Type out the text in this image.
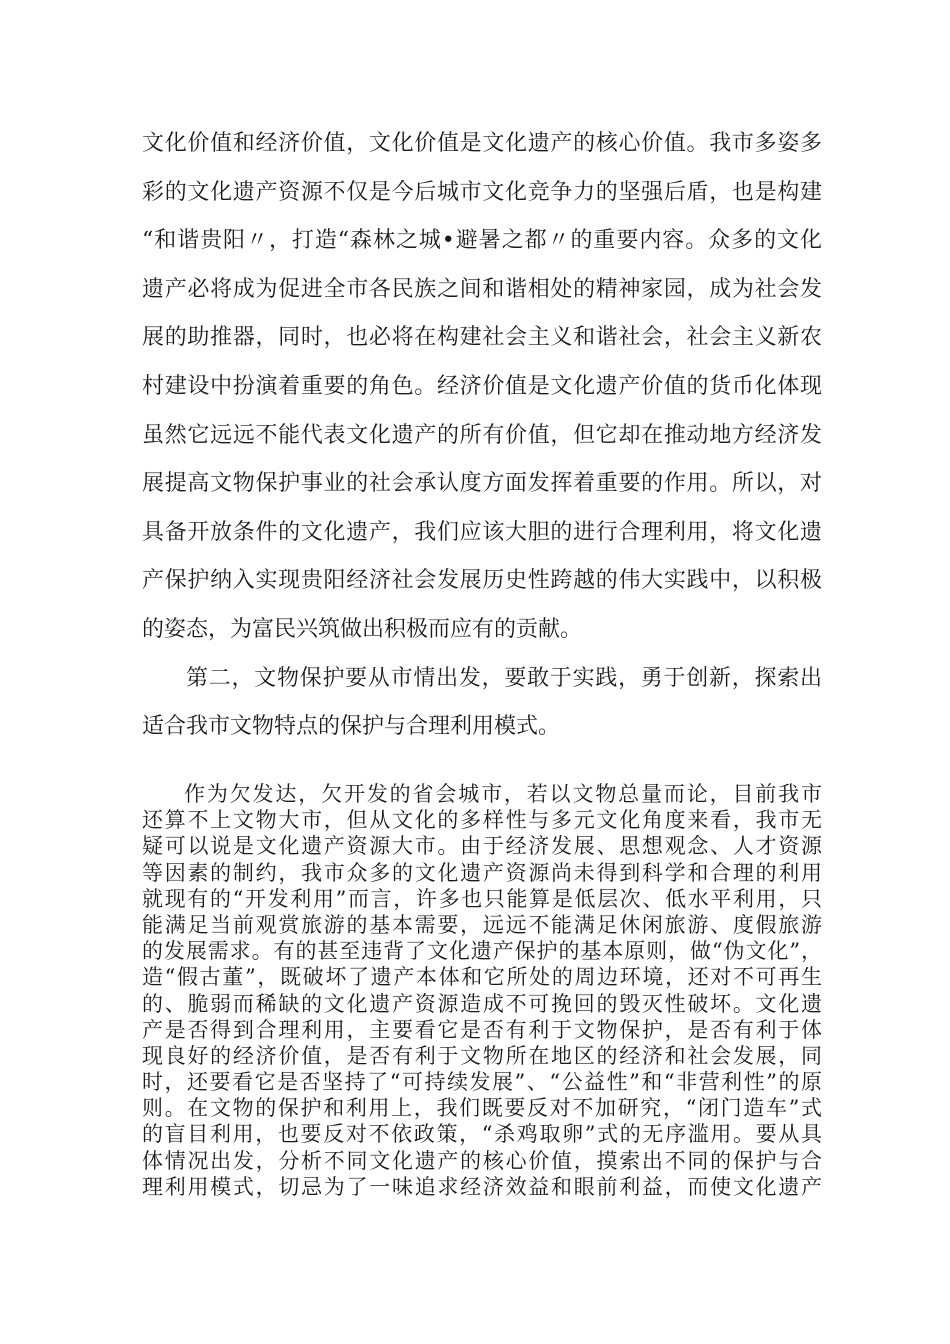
文化价值和经济价值，文化价值是文化遗产的核心价值。我市多姿多
彩的文化遗产资源不仅是今后城市文化竞争力的坚强后盾，也是构建
“和谐贵阳〃，打造“森林之城•避暑之都〃的重要内容。众多的文化
遗产必将成为促进全市各民族之间和谐相处的精神家园，成为社会发
展的助推器，同时，也必将在构建社会主义和谐社会，社会主义新农
村建设中扮演着重要的角色。经济价值是文化遗产价值的货币化体现
虽然它远远不能代表文化遗产的所有价值，但它却在推动地方经济发
展提高文物保护事业的社会承认度方面发挥着重要的作用。所以，对
具备开放条件的文化遗产，我们应该大胆的进行合理利用，将文化遗
产保护纳入实现贵阳经济社会发展历史性跨越的伟大实践中，以积极
的姿态，为富民兴筑做出积极而应有的贡献。
第二，文物保护要从市情出发，要敢于实践，勇于创新，探索出
适合我市文物特点的保护与合理利用模式。
作为欠发达，欠开发的省会城市，若以文物总量而论，目前我市
还算不上文物大市，但从文化的多样性与多元文化角度来看，我市无
疑可以说是文化遗产资源大市。由于经济发展、思想观念、人才资源
等因素的制约，我市众多的文化遗产资源尚未得到科学和合理的利用
就现有的“开发利用”而言，许多也只能算是低层次、低水平利用，只
能满足当前观赏旅游的基本需要，远远不能满足休闲旅游、度假旅游
的发展需求。有的甚至违背了文化遗产保护的基本原则，做“伪文化”，
造“假古董”，既破坏了遗产本体和它所处的周边环境，还对不可再生
的、脆弱而稀缺的文化遗产资源造成不可挽回的毁灭性破坏。文化遗
产是否得到合理利用，主要看它是否有利于文物保护，是否有利于体
现良好的经济价值，是否有利于文物所在地区的经济和社会发展，同
时，还要看它是否坚持了“可持续发展”、“公益性”和“非营利性”的原
则。在文物的保护和利用上，我们既要反对不加研究，“闭门造车”式
的盲目利用，也要反对不依政策，“杀鸡取卵”式的无序滥用。要从具
体情况出发，分析不同文化遗产的核心价值，摸索出不同的保护与合
理利用模式，切忌为了一味追求经济效益和眼前利益，而使文化遗产
